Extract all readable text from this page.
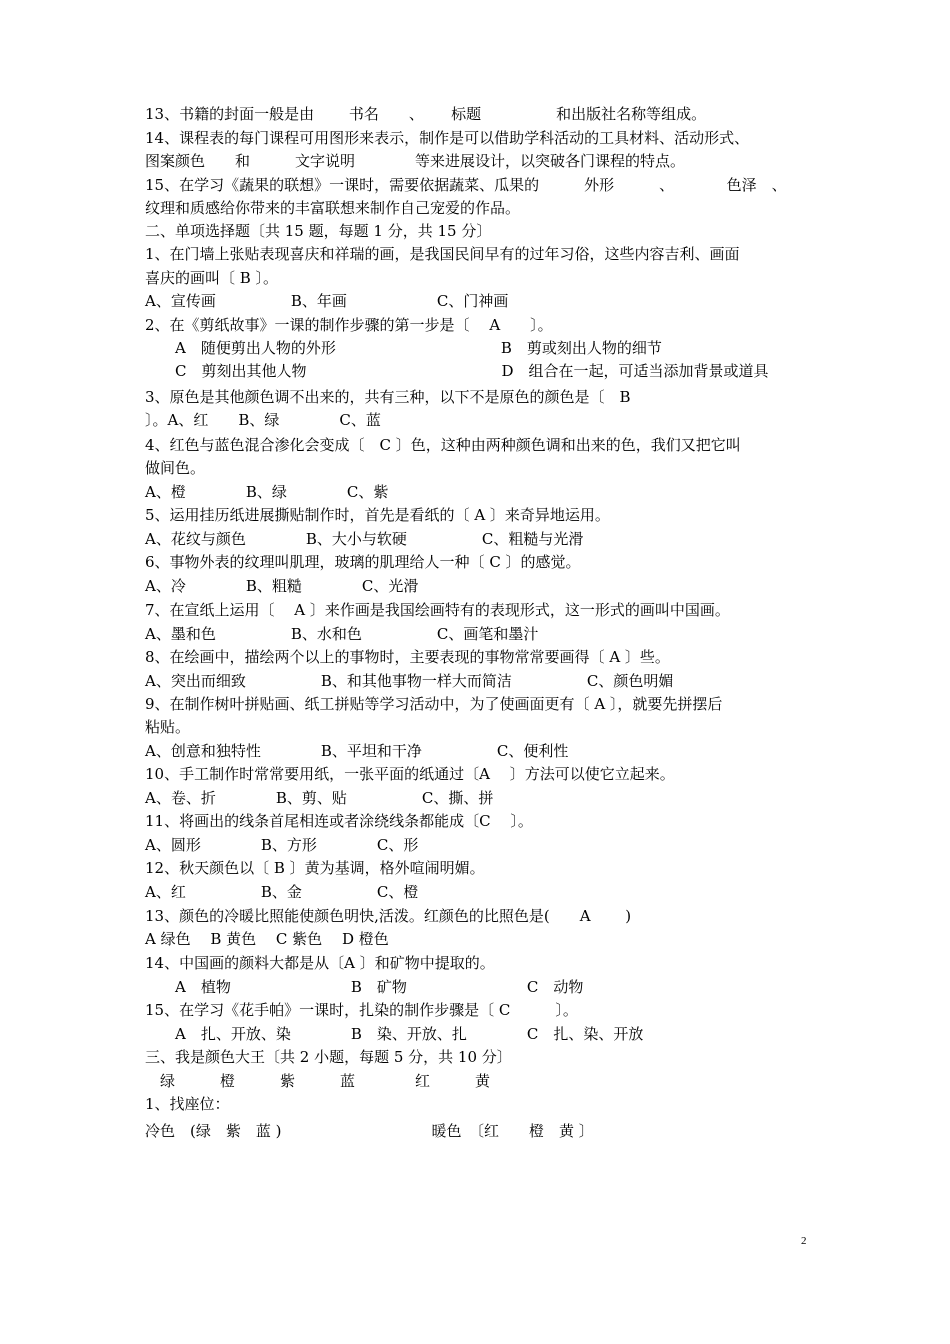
13、书籍的封面一般是由　　 书名　　、　　 标题　　　　　和出版社名称等组成。
14、课程表的每门课程可用图形来表示，制作是可以借助学科活动的工具材料、活动形式、
图案颜色　　和　　　文字说明　　　　等来进展设计，以突破各门课程的特点。
15、在学习《蔬果的联想》一课时，需要依据蔬菜、瓜果的　　　外形　　　、　　　　色泽　、
纹理和质感给你带来的丰富联想来制作自己宠爱的作品。
二、单项选择题〔共 15 题，每题 1 分，共 15 分〕
1、在门墙上张贴表现喜庆和祥瑞的画，是我国民间早有的过年习俗，这些内容吉利、画面
喜庆的画叫〔 B 〕。
A、宣传画　　　　　B、年画　　　　　　C、门神画
2、在《剪纸故事》一课的制作步骤的第一步是〔　 A　　〕。
　　A　随便剪出人物的外形　　　　　　　　　　　B　剪或刻出人物的细节
　　C　剪刻出其他人物　　　　　　　　　　　　　D　组合在一起，可适当添加背景或道具
3、原色是其他颜色调不出来的，共有三种，以下不是原色的颜色是〔　B
〕。A、红　　B、绿　　　　C、蓝
4、红色与蓝色混合渗化会变成〔　C 〕色，这种由两种颜色调和出来的色，我们又把它叫
做间色。
A、橙　　　　B、绿　　　　C、紫
5、运用挂历纸进展撕贴制作时，首先是看纸的〔 A 〕来奇异地运用。
A、花纹与颜色　　　　B、大小与软硬　　　　　C、粗糙与光滑
6、事物外表的纹理叫肌理，玻璃的肌理给人一种〔 C 〕的感觉。
A、冷　　　　B、粗糙　　　　C、光滑
7、在宣纸上运用〔　 A 〕来作画是我国绘画特有的表现形式，这一形式的画叫中国画。
A、墨和色　　　　　B、水和色　　　　　C、画笔和墨汁
8、在绘画中，描绘两个以上的事物时，主要表现的事物常常要画得〔 A 〕些。
A、突出而细致　　　　　B、和其他事物一样大而简洁　　　　　C、颜色明媚
9、在制作树叶拼贴画、纸工拼贴等学习活动中，为了使画面更有〔 A 〕，就要先拼摆后
粘贴。
A、创意和独特性　　　　B、平坦和干净　　　　　C、便利性
10、手工制作时常常要用纸，一张平面的纸通过〔A　 〕方法可以使它立起来。
A、卷、折　　　　B、剪、贴　　　　　C、撕、拼
11、将画出的线条首尾相连或者涂绕线条都能成〔C　 〕。
A、圆形　　　　B、方形　　　　C、形
12、秋天颜色以〔 B 〕黄为基调，格外喧闹明媚。
A、红　　　　　B、金　　　　　C、橙
13、颜色的冷暖比照能使颜色明快,活泼。红颜色的比照色是(　　A　　 )
A 绿色　 B 黄色　 C 紫色　 D 橙色
14、中国画的颜料大都是从〔A 〕和矿物中提取的。
　　A　植物　　　　　　　　B　矿物　　　　　　　　C　动物
15、在学习《花手帕》一课时，扎染的制作步骤是〔 C　　　〕。
　　A　扎、开放、染　　　　B　染、开放、扎　　　　C　扎、染、开放
三、我是颜色大王〔共 2 小题，每题 5 分，共 10 分〕
　绿　　　橙　　　紫　　　蓝　　　　红　　　黄
1、找座位：
冷色　(绿　紫　蓝 )　　　　　　　　　　暖色　〔红　　橙　黄 〕
2
